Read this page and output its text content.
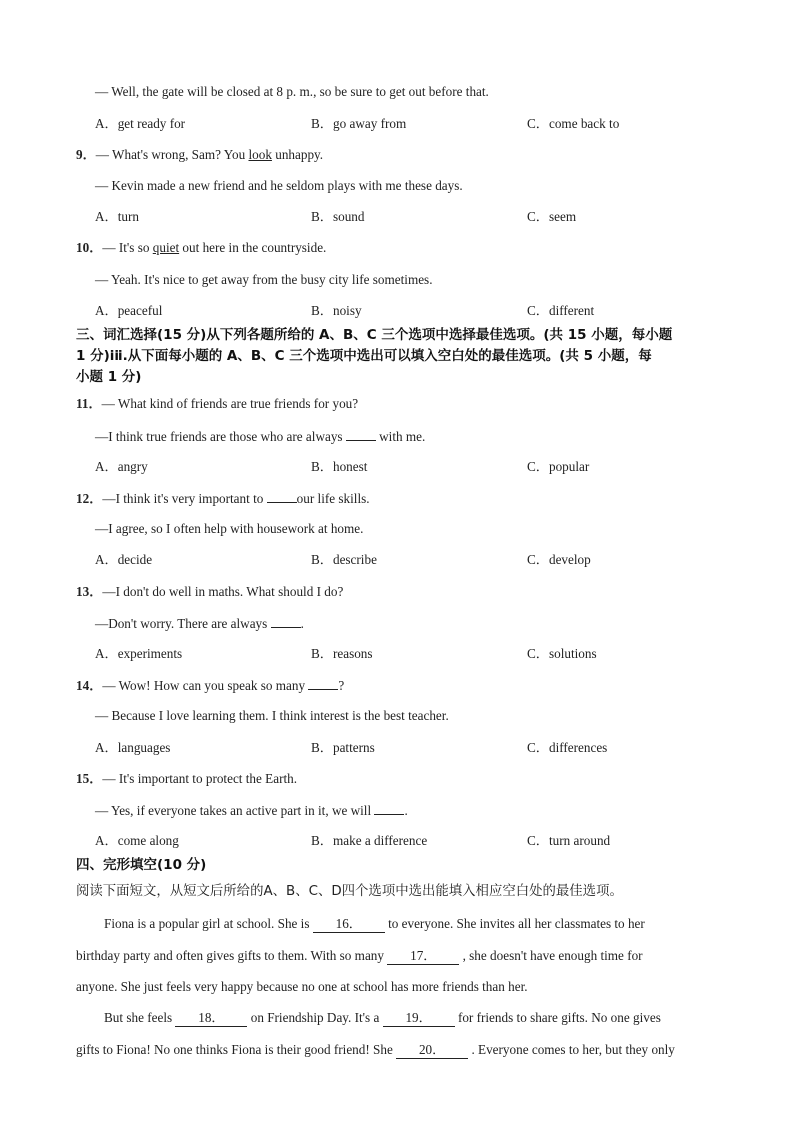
— Well, the gate will be closed at 8 p. m., so be sure to get out before that.
A．get ready for	B．go away from	C．come back to
9．— What's wrong, Sam? You look unhappy.
— Kevin made a new friend and he seldom plays with me these days.
A．turn	B．sound	C．seem
10．— It's so quiet out here in the countryside.
— Yeah. It's nice to get away from the busy city life sometimes.
A．peaceful	B．noisy	C．different
三、词汇选择(15 分)从下列各题所给的 A、B、C 三个选项中选择最佳选项。(共 15 小题，每小题
1 分)ⅰⅱ.从下面每小题的 A、B、C 三个选项中选出可以填入空白处的最佳选项。(共 5 小题，每
小题 1 分)
11．— What kind of friends are true friends for you?
—I think true friends are those who are always  with me.
A．angry	B．honest	C．popular
12．—I think it's very important to our life skills.
—I agree, so I often help with housework at home.
A．decide	B．describe	C．develop
13．—I don't do well in maths. What should I do?
—Don't worry. There are always .
A．experiments	B．reasons	C．solutions
14．— Wow! How can you speak so many ?
— Because I love learning them. I think interest is the best teacher.
A．languages	B．patterns	C．differences
15．— It's important to protect the Earth.
— Yes, if everyone takes an active part in it, we will .
A．come along	B．make a difference	C．turn around
四、完形填空(10 分)
阅读下面短文，从短文后所给的A、B、C、D四个选项中选出能填入相应空白处的最佳选项。
Fiona is a popular girl at school. She is 16． to everyone. She invites all her classmates to her
birthday party and often gives gifts to them. With so many 17． , she doesn't have enough time for
anyone. She just feels very happy because no one at school has more friends than her.
But she feels 18． on Friendship Day. It's a 19． for friends to share gifts. No one gives
gifts to Fiona! No one thinks Fiona is their good friend! She 20． . Everyone comes to her, but they only
